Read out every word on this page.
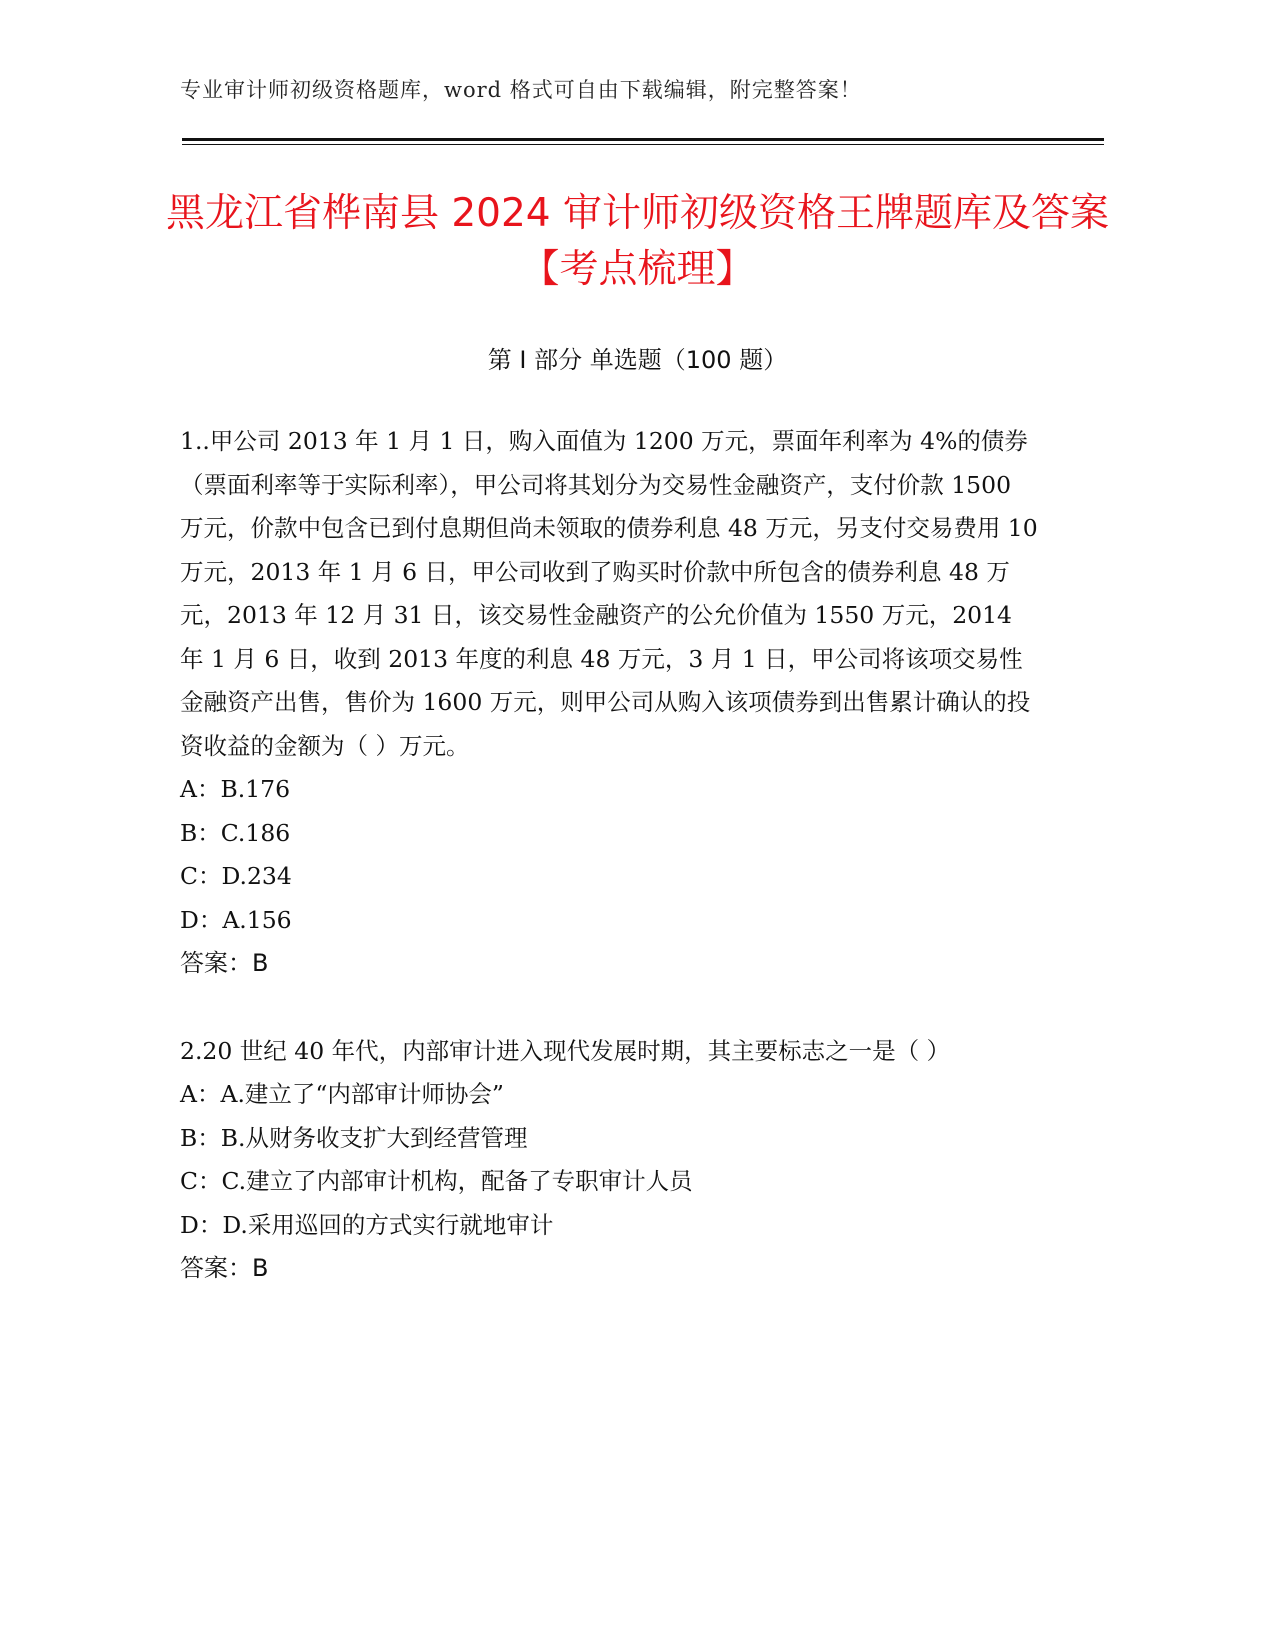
专业审计师初级资格题库，word 格式可自由下载编辑，附完整答案！
黑龙江省桦南县 2024 审计师初级资格王牌题库及答案【考点梳理】
第 I 部分 单选题（100 题）

1..甲公司 2013 年 1 月 1 日，购入面值为 1200 万元，票面年利率为 4%的债券（票面利率等于实际利率），甲公司将其划分为交易性金融资产，支付价款 1500 万元，价款中包含已到付息期但尚未领取的债券利息 48 万元，另支付交易费用 10 万元，2013 年 1 月 6 日，甲公司收到了购买时价款中所包含的债券利息 48 万元，2013 年 12 月 31 日，该交易性金融资产的公允价值为 1550 万元，2014 年 1 月 6 日，收到 2013 年度的利息 48 万元，3 月 1 日，甲公司将该项交易性金融资产出售，售价为 1600 万元，则甲公司从购入该项债券到出售累计确认的投资收益的金额为（ ）万元。

A：B.176
B：C.186
C：D.234
D：A.156
答案：B

2.20 世纪 40 年代，内部审计进入现代发展时期，其主要标志之一是（ ）

A：A.建立了“内部审计师协会”
B：B.从财务收支扩大到经营管理
C：C.建立了内部审计机构，配备了专职审计人员
D：D.采用巡回的方式实行就地审计
答案：B
